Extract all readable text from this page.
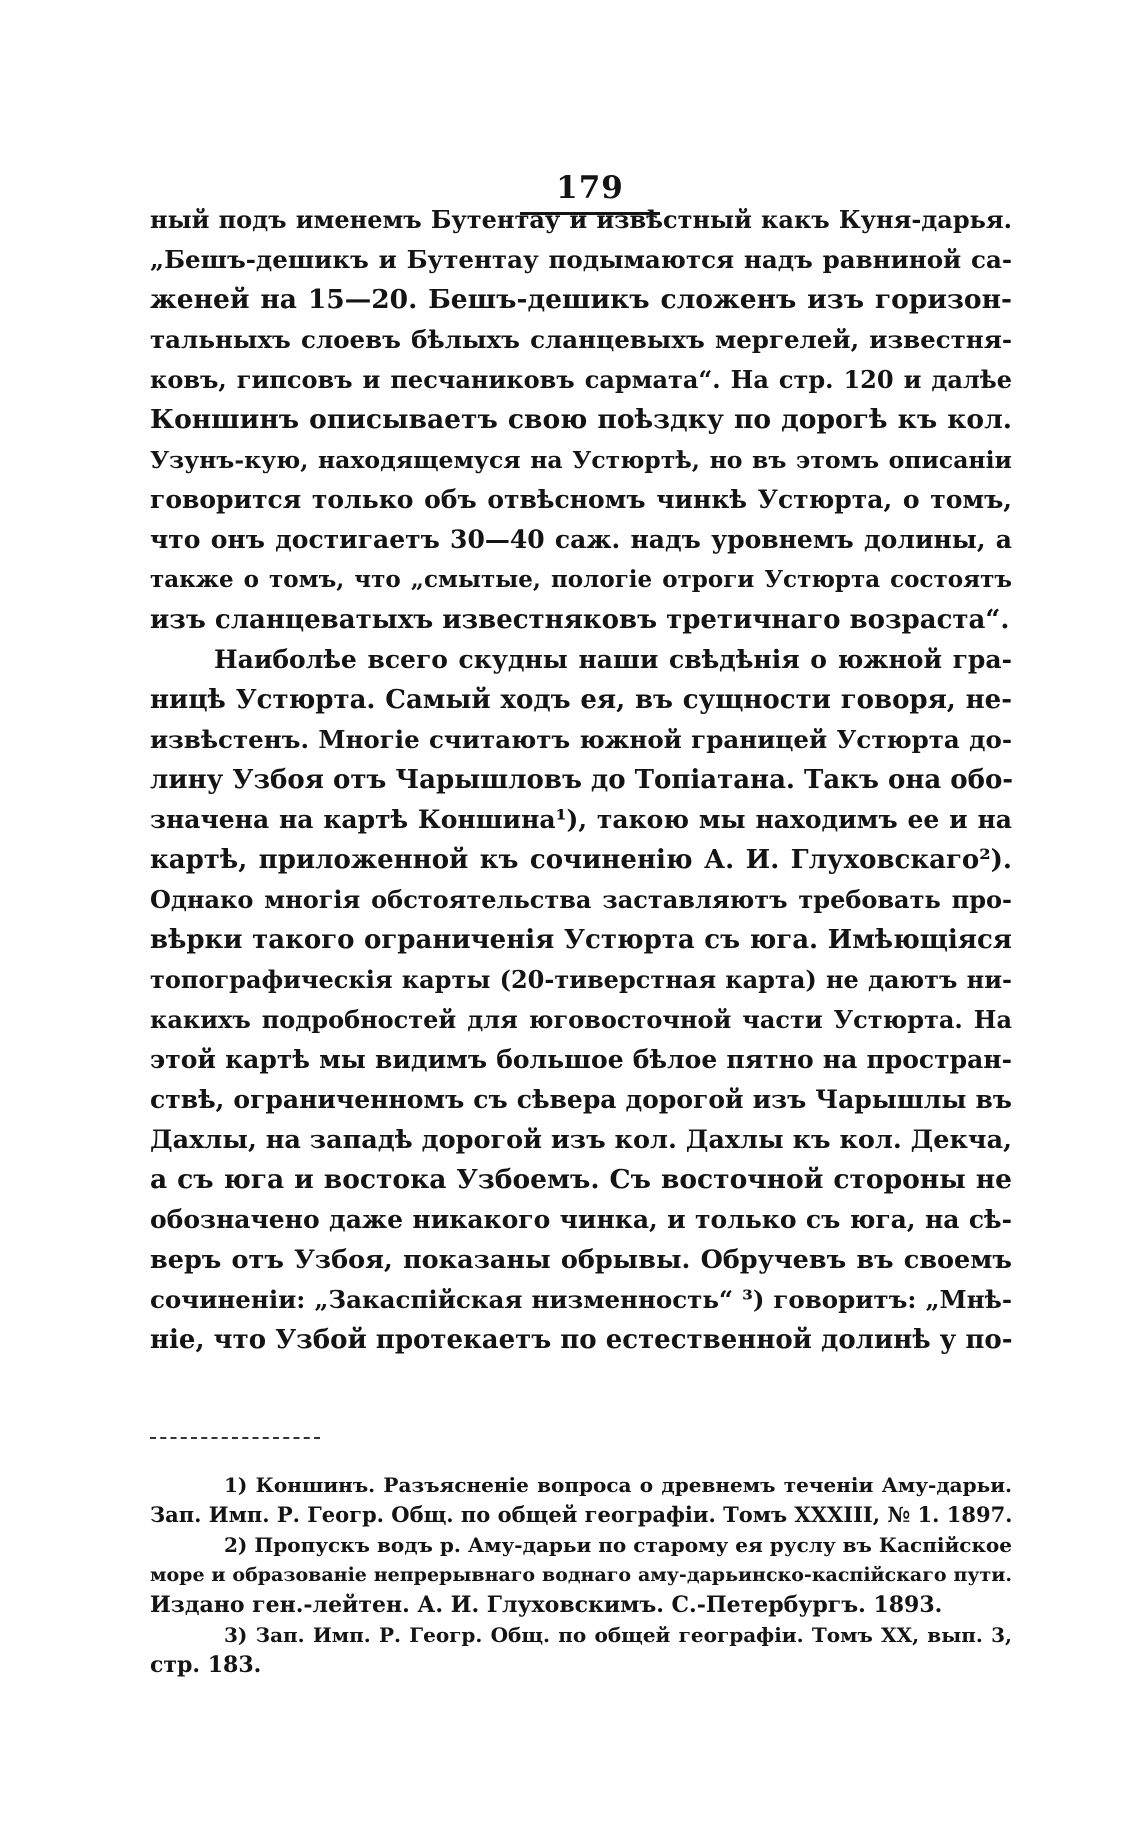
179
ный подъ именемъ Бутентау и извѣстный какъ Куня-дарья.
„Бешъ-дешикъ и Бутентау подымаются надъ равниной са-
женей на 15—20. Бешъ-дешикъ сложенъ изъ горизон-
тальныхъ слоевъ бѣлыхъ сланцевыхъ мергелей, известня-
ковъ, гипсовъ и песчаниковъ сармата“. На стр. 120 и далѣе
Коншинъ описываетъ свою поѣздку по дорогѣ къ кол.
Узунъ-кую, находящемуся на Устюртѣ, но въ этомъ описаніи
говорится только объ отвѣсномъ чинкѣ Устюрта, о томъ,
что онъ достигаетъ 30—40 саж. надъ уровнемъ долины, а
также о томъ, что „смытые, пологіе отроги Устюрта состоятъ
изъ сланцеватыхъ известняковъ третичнаго возраста“.
Наиболѣе всего скудны наши свѣдѣнія о южной гра-
ницѣ Устюрта. Самый ходъ ея, въ сущности говоря, не-
извѣстенъ. Многіе считаютъ южной границей Устюрта до-
лину Узбоя отъ Чарышловъ до Топіатана. Такъ она обо-
значена на картѣ Коншина¹), такою мы находимъ ее и на
картѣ, приложенной къ сочиненію А. И. Глуховскаго²).
Однако многія обстоятельства заставляютъ требовать про-
вѣрки такого ограниченія Устюрта съ юга. Имѣющіяся
топографическія карты (20-тиверстная карта) не даютъ ни-
какихъ подробностей для юговосточной части Устюрта. На
этой картѣ мы видимъ большое бѣлое пятно на простран-
ствѣ, ограниченномъ съ сѣвера дорогой изъ Чарышлы въ
Дахлы, на западѣ дорогой изъ кол. Дахлы къ кол. Декча,
а съ юга и востока Узбоемъ. Съ восточной стороны не
обозначено даже никакого чинка, и только съ юга, на сѣ-
веръ отъ Узбоя, показаны обрывы. Обручевъ въ своемъ
сочиненіи: „Закаспійская низменность“ ³) говоритъ: „Мнѣ-
ніе, что Узбой протекаетъ по естественной долинѣ у по-
1) Коншинъ. Разъясненіе вопроса о древнемъ теченіи Аму-дарьи.
Зап. Имп. Р. Геогр. Общ. по общей географіи. Томъ XXXIII, № 1. 1897.
2) Пропускъ водъ р. Аму-дарьи по старому ея руслу въ Каспійское
море и образованіе непрерывнаго воднаго аму-дарьинско-каспійскаго пути.
Издано ген.-лейтен. А. И. Глуховскимъ. С.-Петербургъ. 1893.
3) Зап. Имп. Р. Геогр. Общ. по общей географіи. Томъ XX, вып. 3,
стр. 183.
